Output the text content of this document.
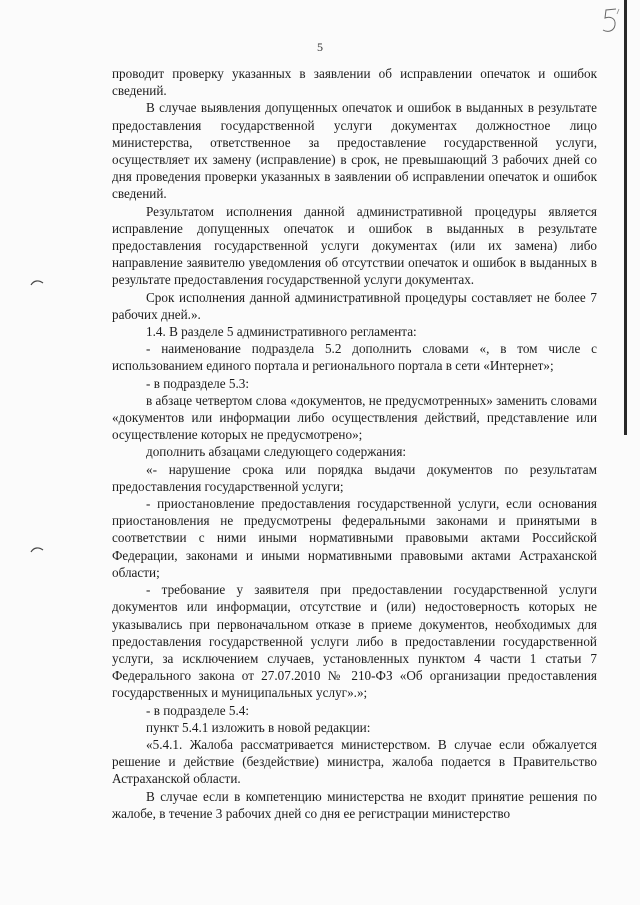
5

проводит проверку указанных в заявлении об исправлении опечаток и ошибок сведений.

В случае выявления допущенных опечаток и ошибок в выданных в результате предоставления государственной услуги документах должностное лицо министерства, ответственное за предоставление государственной услуги, осуществляет их замену (исправление) в срок, не превышающий 3 рабочих дней со дня проведения проверки указанных в заявлении об исправлении опечаток и ошибок сведений.

Результатом исполнения данной административной процедуры является исправление допущенных опечаток и ошибок в выданных в результате предоставления государственной услуги документах (или их замена) либо направление заявителю уведомления об отсутствии опечаток и ошибок в выданных в результате предоставления государственной услуги документах.

Срок исполнения данной административной процедуры составляет не более 7 рабочих дней.».

1.4. В разделе 5 административного регламента:

- наименование подраздела 5.2 дополнить словами «, в том числе с использованием единого портала и регионального портала в сети «Интернет»;

- в подразделе 5.3:

в абзаце четвертом слова «документов, не предусмотренных» заменить словами «документов или информации либо осуществления действий, представление или осуществление которых не предусмотрено»;

дополнить абзацами следующего содержания:

«- нарушение срока или порядка выдачи документов по результатам предоставления государственной услуги;

- приостановление предоставления государственной услуги, если основания приостановления не предусмотрены федеральными законами и принятыми в соответствии с ними иными нормативными правовыми актами Российской Федерации, законами и иными нормативными правовыми актами Астраханской области;

- требование у заявителя при предоставлении государственной услуги документов или информации, отсутствие и (или) недостоверность которых не указывались при первоначальном отказе в приеме документов, необходимых для предоставления государственной услуги либо в предоставлении государственной услуги, за исключением случаев, установленных пунктом 4 части 1 статьи 7 Федерального закона от 27.07.2010 № 210-ФЗ «Об организации предоставления государственных и муниципальных услуг».»;

- в подразделе 5.4:

пункт 5.4.1 изложить в новой редакции:

«5.4.1. Жалоба рассматривается министерством. В случае если обжалуется решение и действие (бездействие) министра, жалоба подается в Правительство Астраханской области.

В случае если в компетенцию министерства не входит принятие решения по жалобе, в течение 3 рабочих дней со дня ее регистрации министерство
